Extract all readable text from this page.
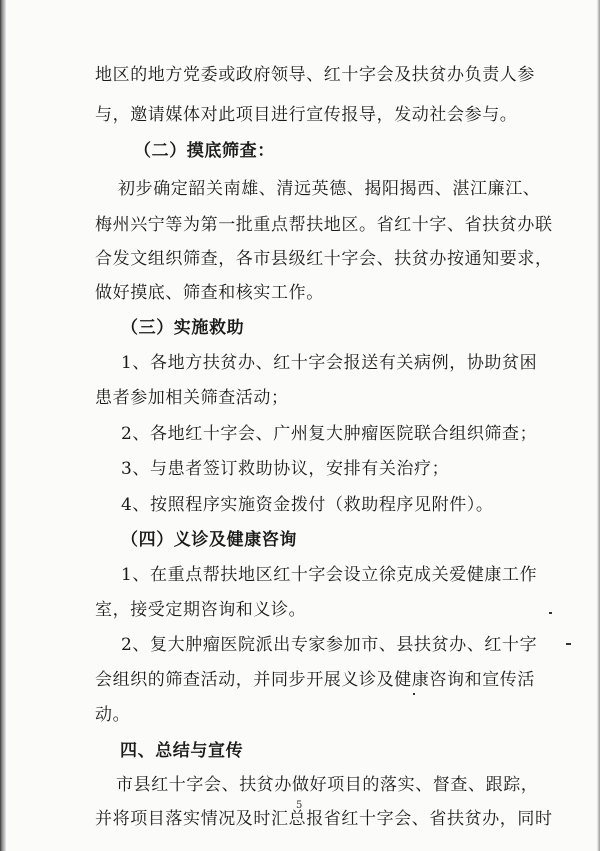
地区的地方党委或政府领导、红十字会及扶贫办负责人参
与，邀请媒体对此项目进行宣传报导，发动社会参与。
（二）摸底筛查：
初步确定韶关南雄、清远英德、揭阳揭西、湛江廉江、
梅州兴宁等为第一批重点帮扶地区。省红十字、省扶贫办联
合发文组织筛查，各市县级红十字会、扶贫办按通知要求，
做好摸底、筛查和核实工作。
（三）实施救助
1、各地方扶贫办、红十字会报送有关病例，协助贫困
患者参加相关筛查活动；
2、各地红十字会、广州复大肿瘤医院联合组织筛查；
3、与患者签订救助协议，安排有关治疗；
4、按照程序实施资金拨付（救助程序见附件）。
（四）义诊及健康咨询
1、在重点帮扶地区红十字会设立徐克成关爱健康工作
室，接受定期咨询和义诊。
2、复大肿瘤医院派出专家参加市、县扶贫办、红十字
会组织的筛查活动，并同步开展义诊及健康咨询和宣传活
动。
四、总结与宣传
市县红十字会、扶贫办做好项目的落实、督查、跟踪，
并将项目落实情况及时汇总报省红十字会、省扶贫办，同时
5
